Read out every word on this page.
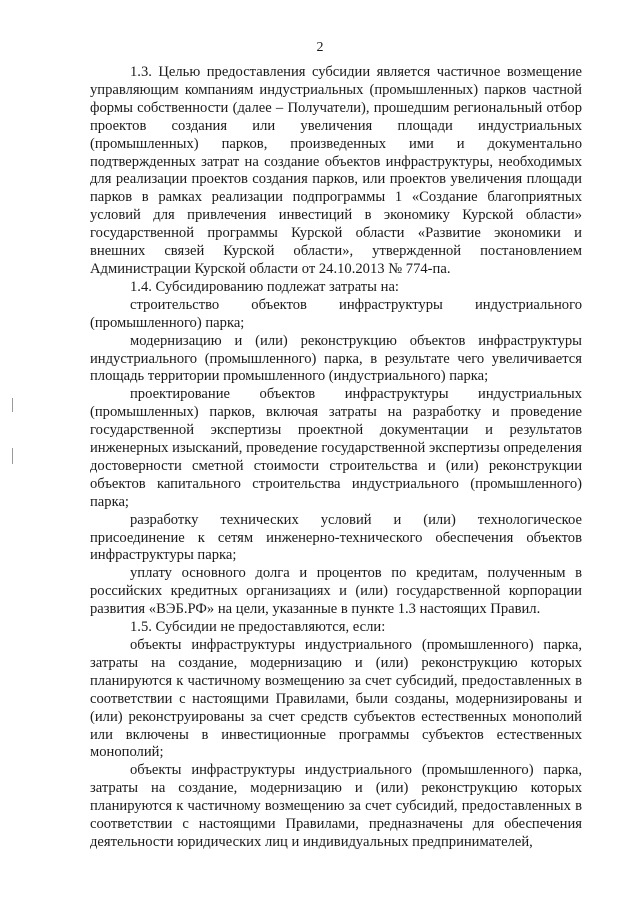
2

1.3. Целью предоставления субсидии является частичное возмещение управляющим компаниям индустриальных (промышленных) парков частной формы собственности (далее – Получатели), прошедшим региональный отбор проектов создания или увеличения площади индустриальных (промышленных) парков, произведенных ими и документально подтвержденных затрат на создание объектов инфраструктуры, необходимых для реализации проектов создания парков, или проектов увеличения площади парков в рамках реализации подпрограммы 1 «Создание благоприятных условий для привлечения инвестиций в экономику Курской области» государственной программы Курской области «Развитие экономики и внешних связей Курской области», утвержденной постановлением Администрации Курской области от 24.10.2013 № 774-па.

1.4. Субсидированию подлежат затраты на:

строительство объектов инфраструктуры индустриального (промышленного) парка;

модернизацию и (или) реконструкцию объектов инфраструктуры индустриального (промышленного) парка, в результате чего увеличивается площадь территории промышленного (индустриального) парка;

проектирование объектов инфраструктуры индустриальных (промышленных) парков, включая затраты на разработку и проведение государственной экспертизы проектной документации и результатов инженерных изысканий, проведение государственной экспертизы определения достоверности сметной стоимости строительства и (или) реконструкции объектов капитального строительства индустриального (промышленного) парка;

разработку технических условий и (или) технологическое присоединение к сетям инженерно-технического обеспечения объектов инфраструктуры парка;

уплату основного долга и процентов по кредитам, полученным в российских кредитных организациях и (или) государственной корпорации развития «ВЭБ.РФ» на цели, указанные в пункте 1.3 настоящих Правил.

1.5. Субсидии не предоставляются, если:

объекты инфраструктуры индустриального (промышленного) парка, затраты на создание, модернизацию и (или) реконструкцию которых планируются к частичному возмещению за счет субсидий, предоставленных в соответствии с настоящими Правилами, были созданы, модернизированы и (или) реконструированы за счет средств субъектов естественных монополий или включены в инвестиционные программы субъектов естественных монополий;

объекты инфраструктуры индустриального (промышленного) парка, затраты на создание, модернизацию и (или) реконструкцию которых планируются к частичному возмещению за счет субсидий, предоставленных в соответствии с настоящими Правилами, предназначены для обеспечения деятельности юридических лиц и индивидуальных предпринимателей,
